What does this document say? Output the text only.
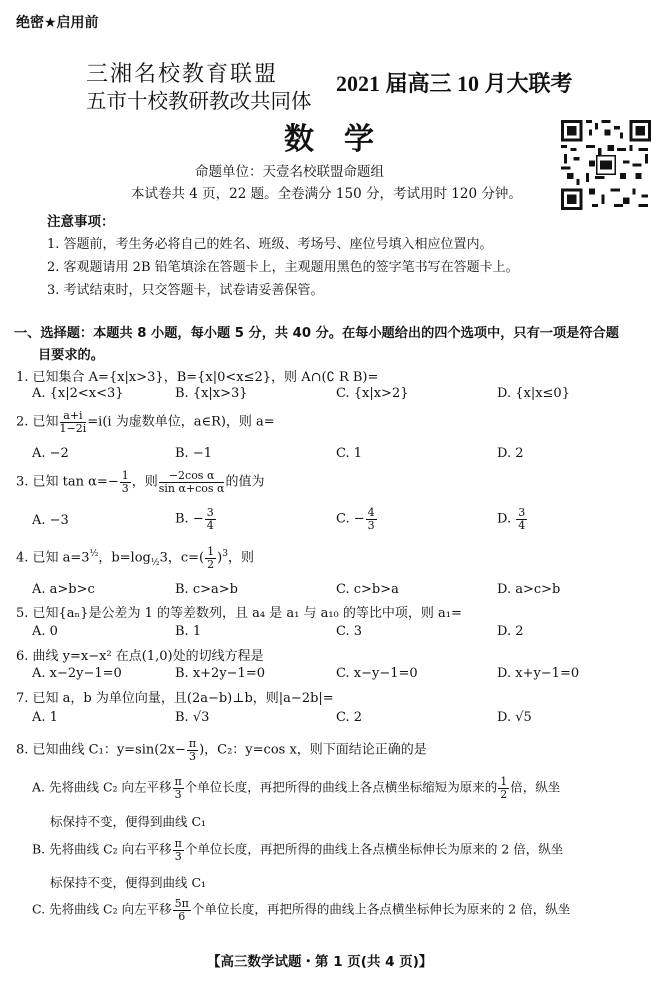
绝密★启用前
三湘名校教育联盟
五市十校教研教改共同体
2021 届高三 10 月大联考
数　学
命题单位：天壹名校联盟命题组
本试卷共 4 页，22 题。全卷满分 150 分，考试用时 120 分钟。
注意事项：
1. 答题前，考生务必将自己的姓名、班级、考场号、座位号填入相应位置内。
2. 客观题请用 2B 铅笔填涂在答题卡上，主观题用黑色的签字笔书写在答题卡上。
3. 考试结束时，只交答题卡，试卷请妥善保管。
一、选择题：本题共 8 小题，每小题 5 分，共 40 分。在每小题给出的四个选项中，只有一项是符合题
目要求的。
1. 已知集合 A={x|x>3}，B={x|0<x≤2}，则 A∩(∁ R B)=
A. {x|2<x<3}	B. {x|x>3}	C. {x|x>2}	D. {x|x≤0}
2. 已知 $\frac{a+i}{1-2i} =i(i$ 为虚数单位，a∈R)，则 a=
A. −2	B. −1	C. 1	D. 2
3. 已知 $\tan \alpha=- \frac{1}{3}$ ，则 $\frac{\text{−2cos α}}{\text{sin α+cos α}}$ 的值为
A. −3	B. − $\frac{3}{4}$	C. − $\frac{4}{3}$	D. $\frac{3}{4}$
4. 已知 $a=3^{\frac{1}{2}}$，$b=\log_{\frac{1}{2}}3$，$c=( \frac{1}{2} )^3$，则
A. a>b>c	B. c>a>b	C. c>b>a	D. a>c>b
5. 已知{aₙ}是公差为 1 的等差数列，且 a₄ 是 a₁ 与 a₁₀ 的等比中项，则 a₁=
A. 0	B. 1	C. 3	D. 2
6. 曲线 y=x−x² 在点(1,0)处的切线方程是
A. x−2y−1=0	B. x+2y−1=0	C. x−y−1=0	D. x+y−1=0
7. 已知 a，b 为单位向量，且(2a−b)⊥b，则|a−2b|=
A. 1	B. √3	C. 2	D. √5
8. 已知曲线 C₁：$y=\sin(2x- \frac{\pi}{3}$ )，C₂：y=cos x，则下面结论正确的是
A. 先将曲线 C₂ 向左平移 $\frac{\pi}{3}$ 个单位长度，再把所得的曲线上各点横坐标缩短为原来的 $\frac{1}{2}$ 倍，纵坐
标保持不变，便得到曲线 C₁
B. 先将曲线 C₂ 向右平移 $\frac{\pi}{3}$ 个单位长度，再把所得的曲线上各点横坐标伸长为原来的 2 倍，纵坐
标保持不变，便得到曲线 C₁
C. 先将曲线 C₂ 向左平移 $\frac{5\pi}{6}$ 个单位长度，再把所得的曲线上各点横坐标伸长为原来的 2 倍，纵坐
【高三数学试题・第 1 页(共 4 页)】
